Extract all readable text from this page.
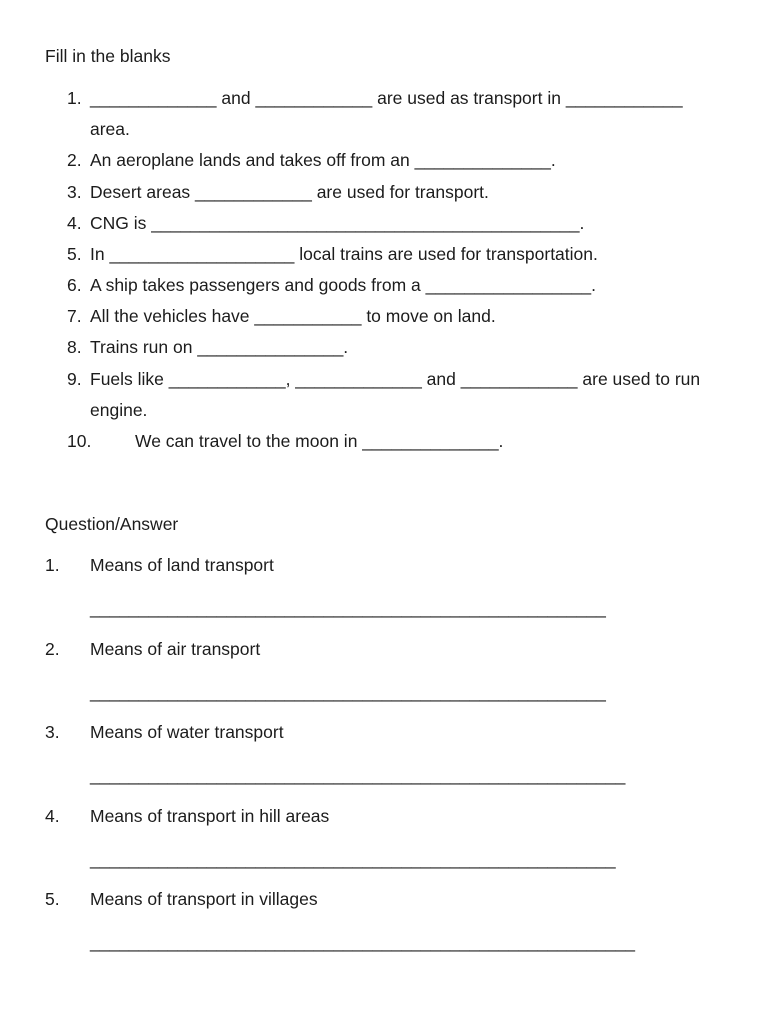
Fill in the blanks
1. _____________ and ____________ are used as transport in ____________
area.
2. An aeroplane lands and takes off from an ______________.
3. Desert areas ____________ are used for transport.
4. CNG is ____________________________________________.
5. In ___________________ local trains are used for transportation.
6. A ship takes passengers and goods from a _________________.
7. All the vehicles have ___________ to move on land.
8. Trains run on _______________.
9. Fuels like ____________, _____________ and ____________ are used to run
engine.
10. We can travel to the moon in ______________.
Question/Answer
1. Means of land transport
_____________________________________________________
2. Means of air transport
_____________________________________________________
3. Means of water transport
_______________________________________________________
4. Means of transport in hill areas
______________________________________________________
5. Means of transport in villages
________________________________________________________
